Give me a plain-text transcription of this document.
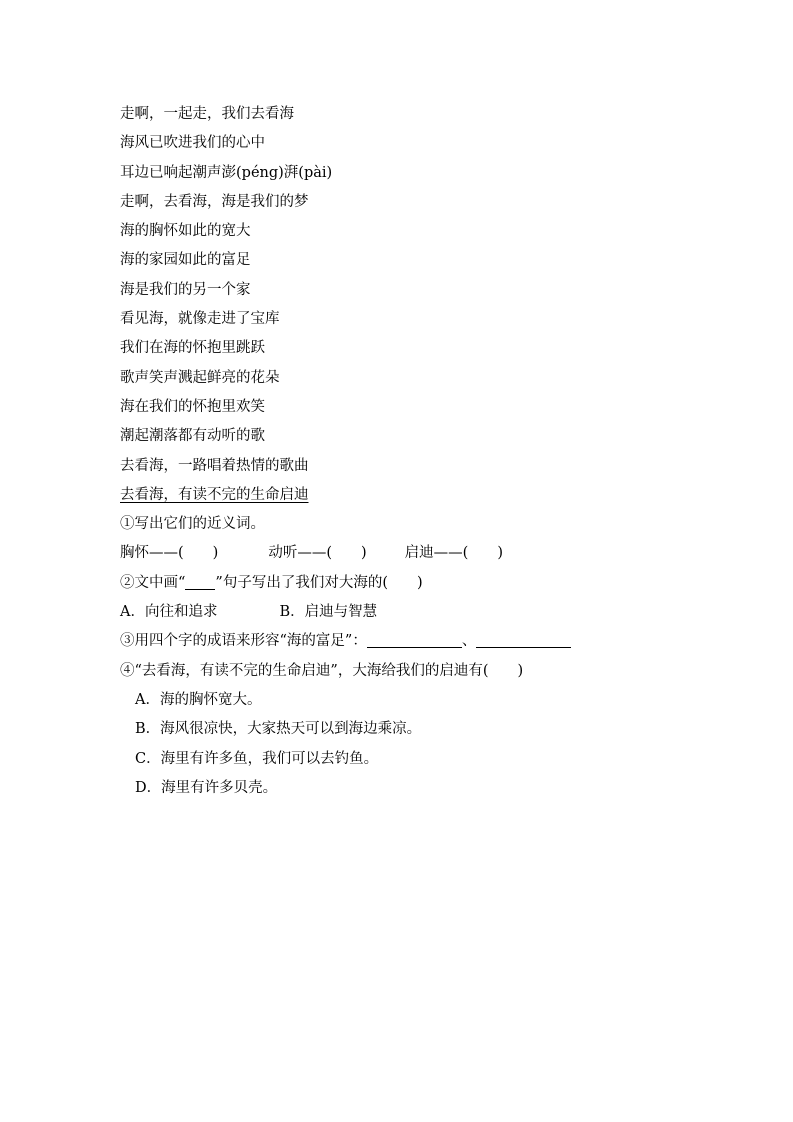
走啊，一起走，我们去看海
海风已吹进我们的心中
耳边已响起潮声澎(péng)湃(pài)
走啊，去看海，海是我们的梦
海的胸怀如此的宽大
海的家园如此的富足
海是我们的另一个家
看见海，就像走进了宝库
我们在海的怀抱里跳跃
歌声笑声溅起鲜亮的花朵
海在我们的怀抱里欢笑
潮起潮落都有动听的歌
去看海，一路唱着热情的歌曲
去看海，有读不完的生命启迪
①写出它们的近义词。
胸怀——(　　)	动听——(　　)	启迪——(　　)
②文中画“ ”句子写出了我们对大海的(　　)
A．向往和追求	B．启迪与智慧
③用四个字的成语来形容“海的富足”：	、
④“去看海，有读不完的生命启迪”，大海给我们的启迪有(　　)
A．海的胸怀宽大。
B．海风很凉快，大家热天可以到海边乘凉。
C．海里有许多鱼，我们可以去钓鱼。
D．海里有许多贝壳。
